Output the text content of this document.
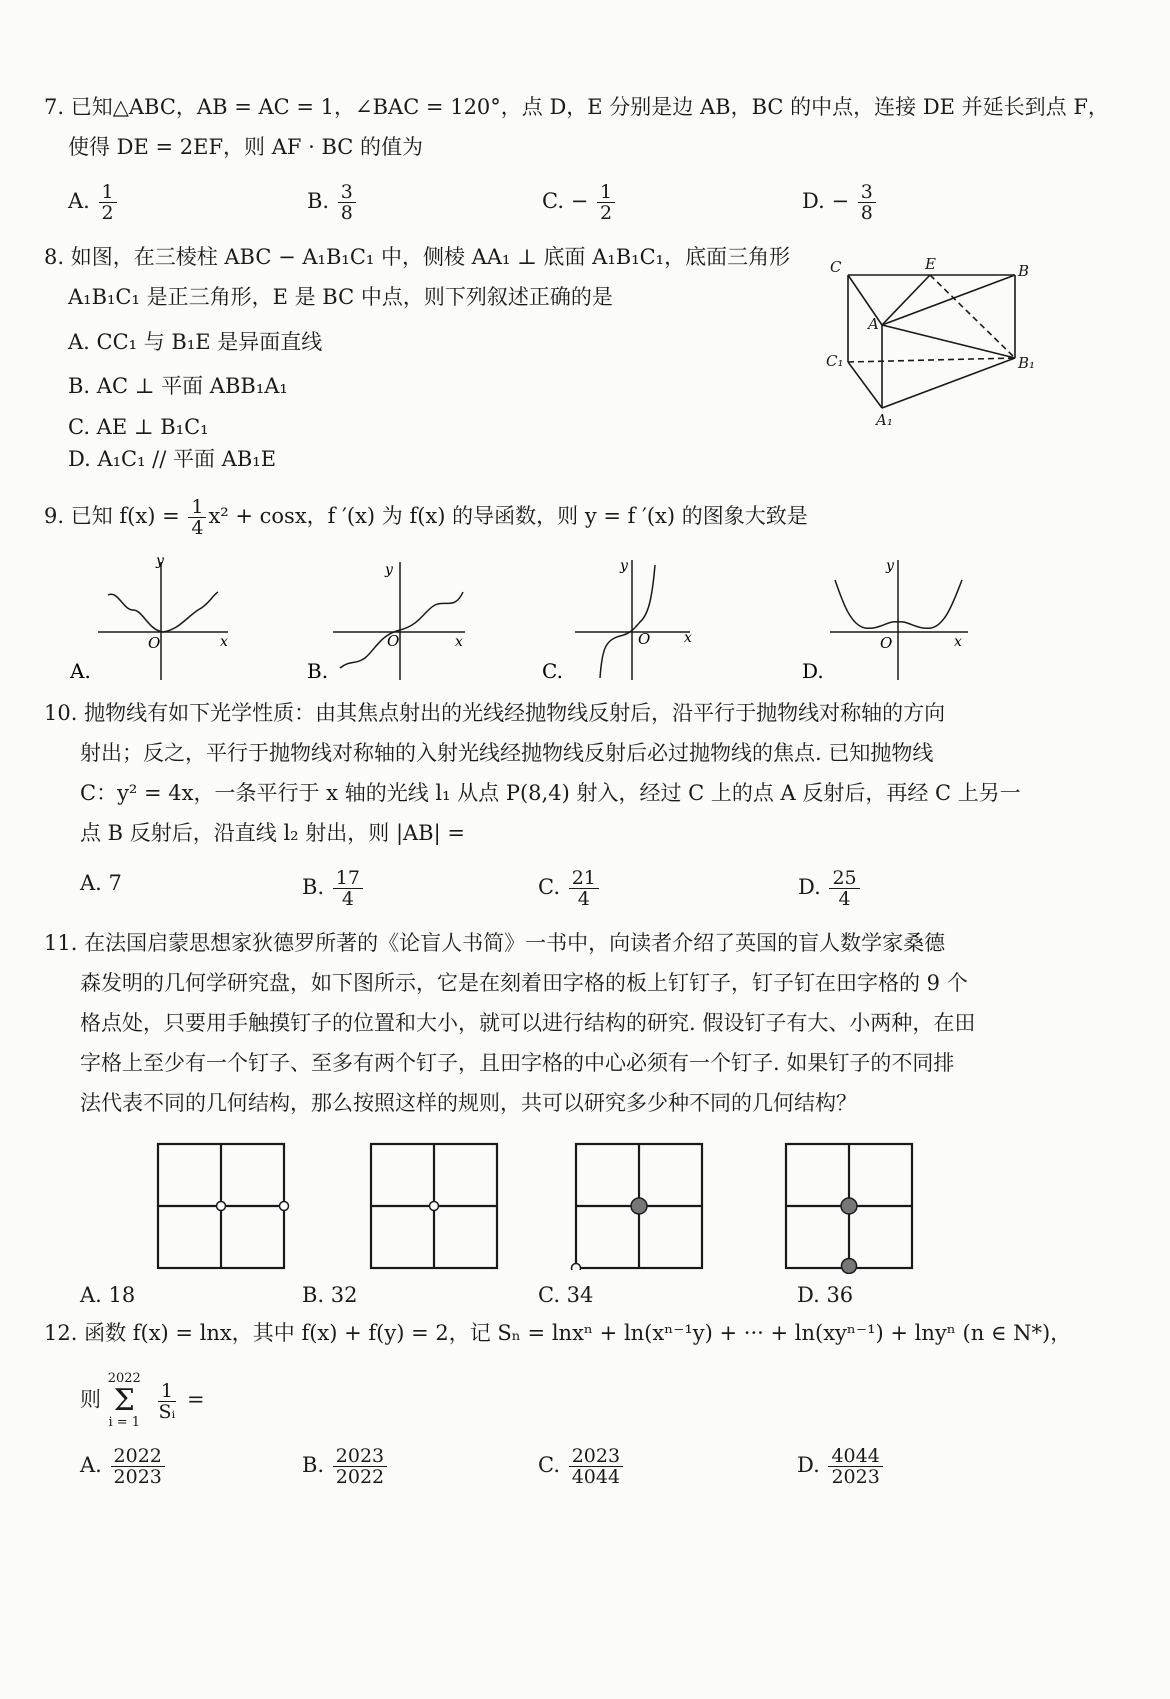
7. 已知△ABC，AB = AC = 1，∠BAC = 120°，点 D，E 分别是边 AB，BC 的中点，连接 DE 并延长到点 F，
使得 DE = 2EF，则 AF · BC 的值为
A. $\frac{1}{2}$	B. $\frac{3}{8}$	C. − $\frac{1}{2}$	D. − $\frac{3}{8}$
8. 如图，在三棱柱 ABC − A₁B₁C₁ 中，侧棱 AA₁ ⊥ 底面 A₁B₁C₁，底面三角形
A₁B₁C₁ 是正三角形，E 是 BC 中点，则下列叙述正确的是
A. CC₁ 与 B₁E 是异面直线
B. AC ⊥ 平面 ABB₁A₁
C. AE ⊥ B₁C₁
D. A₁C₁ // 平面 AB₁E
C	E	B
A
C₁	B₁
A₁
9. 已知 $f(x) = \frac{1}{4} x^2 + \cos x$，f ′(x) 为 f(x) 的导函数，则 y = f ′(x) 的图象大致是
y
x
O
A.
y
x
O
B.
y
x
O
C.
y
x
O
D.
10. 抛物线有如下光学性质：由其焦点射出的光线经抛物线反射后，沿平行于抛物线对称轴的方向
射出；反之，平行于抛物线对称轴的入射光线经抛物线反射后必过抛物线的焦点. 已知抛物线
C：y² = 4x，一条平行于 x 轴的光线 l₁ 从点 P(8,4) 射入，经过 C 上的点 A 反射后，再经 C 上另一
点 B 反射后，沿直线 l₂ 射出，则 |AB| =
A. 7	B. $\frac{17}{4}$	C. $\frac{21}{4}$	D. $\frac{25}{4}$
11. 在法国启蒙思想家狄德罗所著的《论盲人书简》一书中，向读者介绍了英国的盲人数学家桑德
森发明的几何学研究盘，如下图所示，它是在刻着田字格的板上钉钉子，钉子钉在田字格的 9 个
格点处，只要用手触摸钉子的位置和大小，就可以进行结构的研究. 假设钉子有大、小两种，在田
字格上至少有一个钉子、至多有两个钉子，且田字格的中心必须有一个钉子. 如果钉子的不同排
法代表不同的几何结构，那么按照这样的规则，共可以研究多少种不同的几何结构？
A. 18	B. 32	C. 34	D. 36
12. 函数 f(x) = lnx，其中 f(x) + f(y) = 2，记 Sₙ = lnxⁿ + ln(xⁿ⁻¹y) + ··· + ln(xyⁿ⁻¹) + lnyⁿ (n ∈ N*)，
则
2022
Σ
i = 1

$\frac{1}{\text{Sᵢ}}$ =
A. $\frac{2022}{2023}$	B. $\frac{2023}{2022}$	C. $\frac{2023}{4044}$	D. $\frac{4044}{2023}$
